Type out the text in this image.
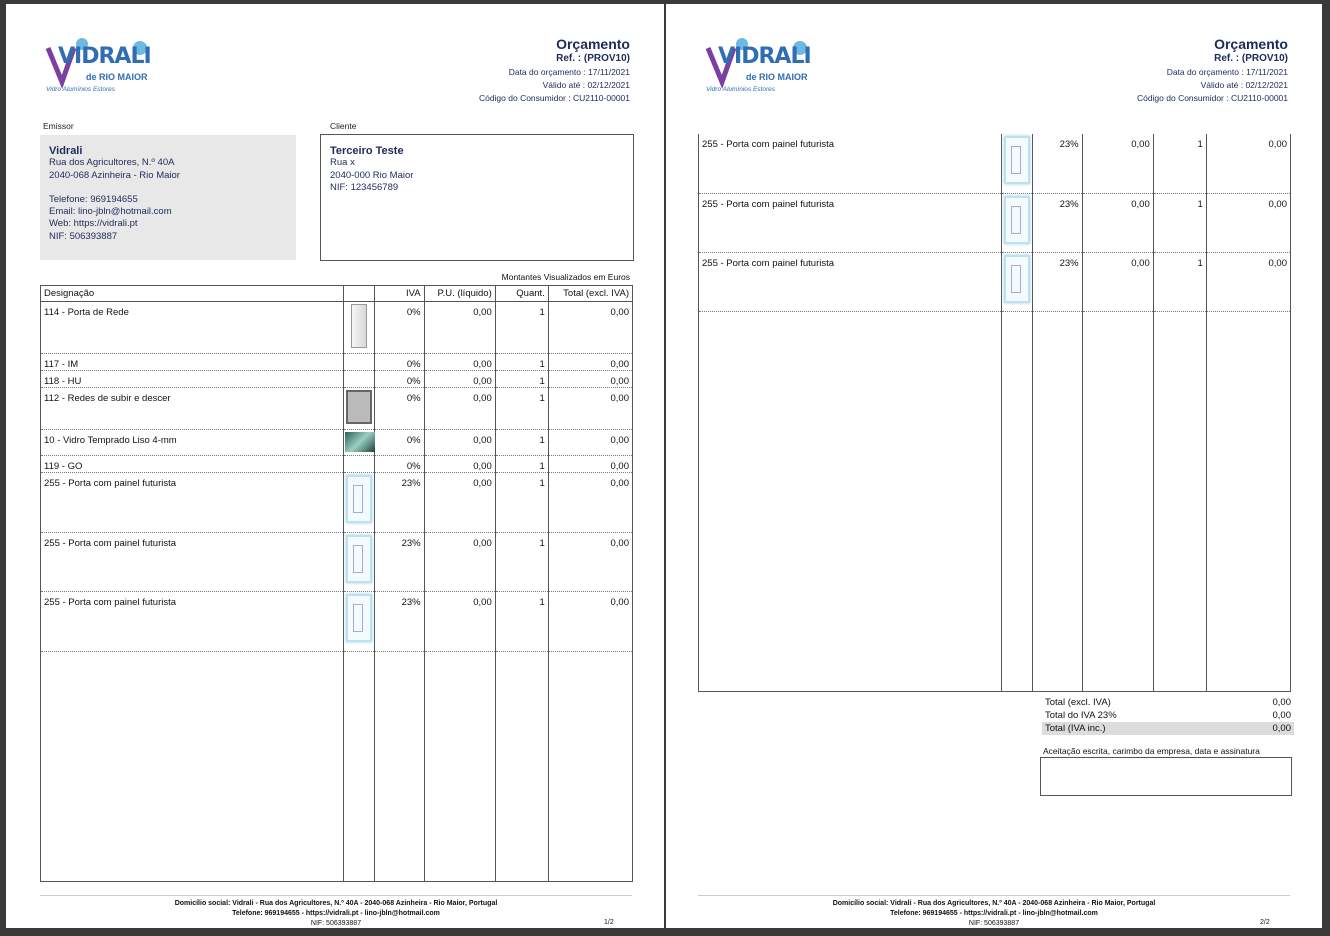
VIDRALI
de RIO MAIOR
Vidro Alumínios Estores
Orçamento
Ref. : (PROV10)
Data do orçamento : 17/11/2021
Válido até : 02/12/2021
Código do Consumidor : CU2110-00001
Emissor
Vidrali
Rua dos Agricultores, N.º 40A
2040-068 Azinheira - Rio Maior
Telefone: 969194655
Email: lino-jbln@hotmail.com
Web: https://vidrali.pt
NIF: 506393887
Cliente
Terceiro Teste
Rua x
2040-000 Rio Maior
NIF: 123456789
Montantes Visualizados em Euros
Designação		IVA	P.U. (líquido)	Quant.	Total (excl. IVA)
114 - Porta de Rede		0%	0,00	1	0,00
117 - IM		0%	0,00	1	0,00
118 - HU		0%	0,00	1	0,00
112 - Redes de subir e descer		0%	0,00	1	0,00
10 - Vidro Temprado Liso 4-mm		0%	0,00	1	0,00
119 - GO		0%	0,00	1	0,00
255 - Porta com painel futurista		23%	0,00	1	0,00
255 - Porta com painel futurista		23%	0,00	1	0,00
255 - Porta com painel futurista		23%	0,00	1	0,00

Domicílio social: Vidrali - Rua dos Agricultores, N.º 40A - 2040-068 Azinheira - Rio Maior, Portugal
Telefone: 969194655 - https://vidrali.pt - lino-jbln@hotmail.com
NIF: 506393887	1/2
VIDRALI
de RIO MAIOR
Vidro Alumínios Estores
Orçamento
Ref. : (PROV10)
Data do orçamento : 17/11/2021
Válido até : 02/12/2021
Código do Consumidor : CU2110-00001
255 - Porta com painel futurista		23%	0,00	1	0,00
255 - Porta com painel futurista		23%	0,00	1	0,00
255 - Porta com painel futurista		23%	0,00	1	0,00

Total (excl. IVA)	0,00
Total do IVA 23%	0,00
Total (IVA inc.)	0,00
Aceitação escrita, carimbo da empresa, data e assinatura
Domicílio social: Vidrali - Rua dos Agricultores, N.º 40A - 2040-068 Azinheira - Rio Maior, Portugal
Telefone: 969194655 - https://vidrali.pt - lino-jbln@hotmail.com
NIF: 506393887	2/2
